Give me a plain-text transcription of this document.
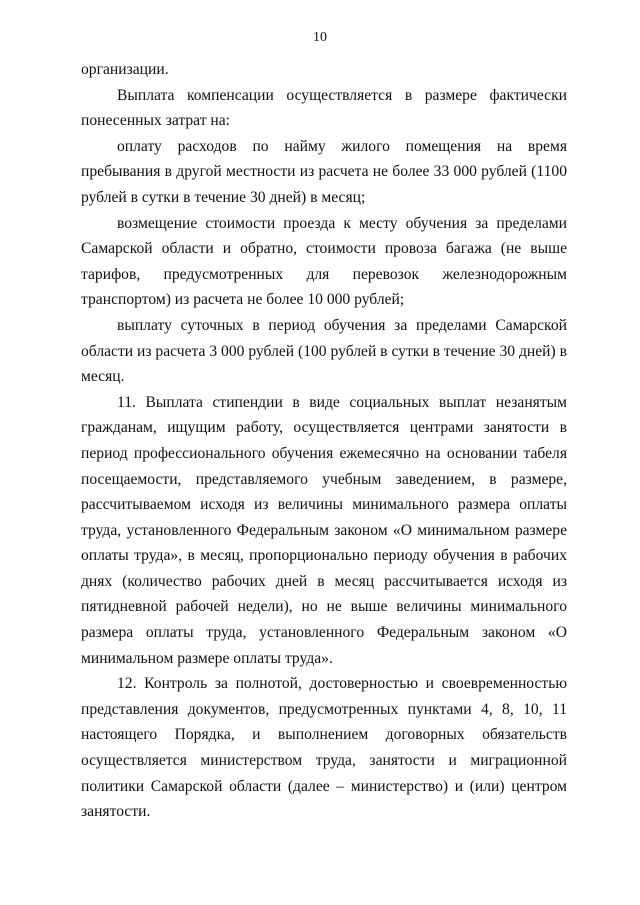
10

организации.

Выплата компенсации осуществляется в размере фактически понесенных затрат на:

оплату расходов по найму жилого помещения на время пребывания в другой местности из расчета не более 33 000 рублей (1100 рублей в сутки в течение 30 дней) в месяц;

возмещение стоимости проезда к месту обучения за пределами Самарской области и обратно, стоимости провоза багажа (не выше тарифов, предусмотренных для перевозок железнодорожным транспортом) из расчета не более 10 000 рублей;

выплату суточных в период обучения за пределами Самарской области из расчета 3 000 рублей (100 рублей в сутки в течение 30 дней) в месяц.

11. Выплата стипендии в виде социальных выплат незанятым гражданам, ищущим работу, осуществляется центрами занятости в период профессионального обучения ежемесячно на основании табеля посещаемости, представляемого учебным заведением, в размере, рассчитываемом исходя из величины минимального размера оплаты труда, установленного Федеральным законом «О минимальном размере оплаты труда», в месяц, пропорционально периоду обучения в рабочих днях (количество рабочих дней в месяц рассчитывается исходя из пятидневной рабочей недели), но не выше величины минимального размера оплаты труда, установленного Федеральным законом «О минимальном размере оплаты труда».

12. Контроль за полнотой, достоверностью и своевременностью представления документов, предусмотренных пунктами 4, 8, 10, 11 настоящего Порядка, и выполнением договорных обязательств осуществляется министерством труда, занятости и миграционной политики Самарской области (далее – министерство) и (или) центром занятости.
